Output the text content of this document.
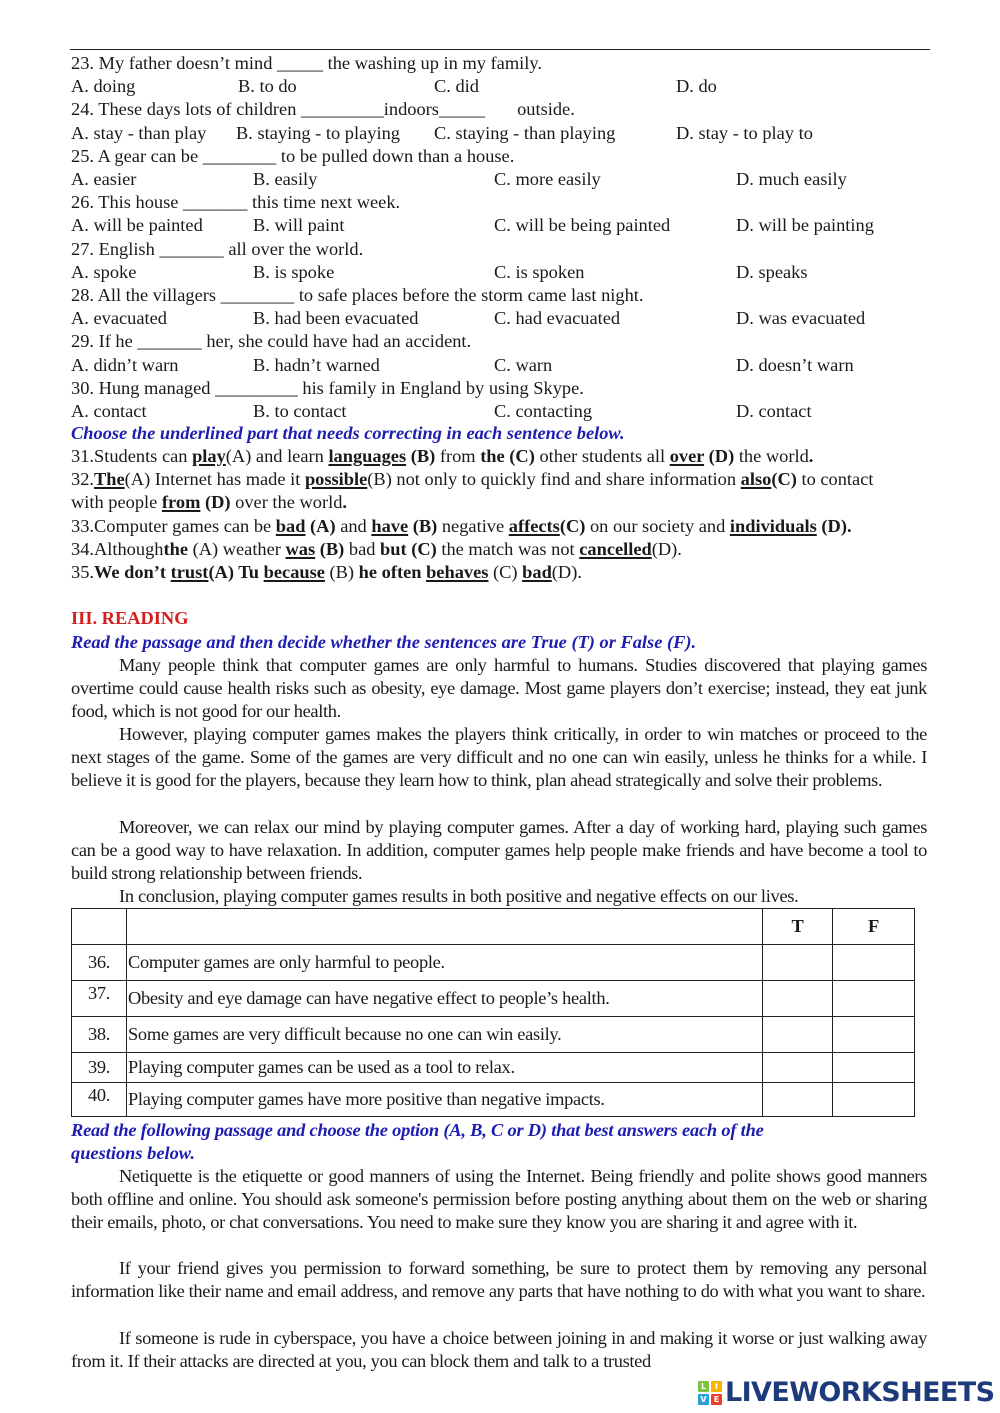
23. My father doesn’t mind _____ the washing up in my family.
A. doing	B. to do	C. did	D. do
24. These days lots of children _________indoors_____       outside.
A. stay - than play B. staying - to playing C. staying - than playing	D. stay - to play to
25. A gear can be ________ to be pulled down than a house.
A. easier	B. easily	C. more easily	D. much easily
26. This house _______ this time next week.
A. will be painted	B. will paint	C. will be being painted	D. will be painting
27. English _______ all over the world.
A. spoke	B. is spoke	C. is spoken	D. speaks
28. All the villagers ________ to safe places before the storm came last night.
A. evacuated	B. had been evacuated	C. had evacuated	D. was evacuated
29. If he _______ her, she could have had an accident.
A. didn’t warn	B. hadn’t warned	C. warn	D. doesn’t warn
30. Hung managed _________ his family in England by using Skype.
A. contact	B. to contact	C. contacting	D. contact
Choose the underlined part that needs correcting in each sentence below.
31.Students can play(A) and learn languages (B) from the (C) other students all over (D) the world.
32.The(A) Internet has made it possible(B) not only to quickly find and share information also(C) to contact
with people from (D) over the world.
33.Computer games can be bad (A) and have (B) negative affects(C) on our society and individuals (D).
34.Althoughthe (A) weather was (B) bad but (C) the match was not cancelled(D).
35.We don’t trust(A) Tu because (B) he often behaves (C) bad(D).
III. READING
Read the passage and then decide whether the sentences are True (T) or False (F).
Many people think that computer games are only harmful to humans. Studies discovered that playing games overtime could cause health risks such as obesity, eye damage. Most game players don’t exercise; instead, they eat junk food, which is not good for our health.
However, playing computer games makes the players think critically, in order to win matches or proceed to the next stages of the game. Some of the games are very difficult and no one can win easily, unless he thinks for a while. I believe it is good for the players, because they learn how to think, plan ahead strategically and solve their problems.
Moreover, we can relax our mind by playing computer games. After a day of working hard, playing such games can be a good way to have relaxation. In addition, computer games help people make friends and have become a tool to build strong relationship between friends.
In conclusion, playing computer games results in both positive and negative effects on our lives.
		T	F
36.	Computer games are only harmful to people.		
37.	Obesity and eye damage can have negative effect to people’s health.		
38.	Some games are very difficult because no one can win easily.		
39.	Playing computer games can be used as a tool to relax.		
40.	Playing computer games have more positive than negative impacts.		
Read the following passage and choose the option (A, B, C or D) that best answers each of the
questions below.
Netiquette is the etiquette or good manners of using the Internet. Being friendly and polite shows good manners both offline and online. You should ask someone's permission before posting anything about them on the web or sharing their emails, photo, or chat conversations. You need to make sure they know you are sharing it and agree with it.
If your friend gives you permission to forward something, be sure to protect them by removing any personal information like their name and email address, and remove any parts that have nothing to do with what you want to share.
If someone is rude in cyberspace, you have a choice between joining in and making it worse or just walking away from it. If their attacks are directed at you, you can block them and talk to a trusted
L	I
V E LIVEWORKSHEETS
